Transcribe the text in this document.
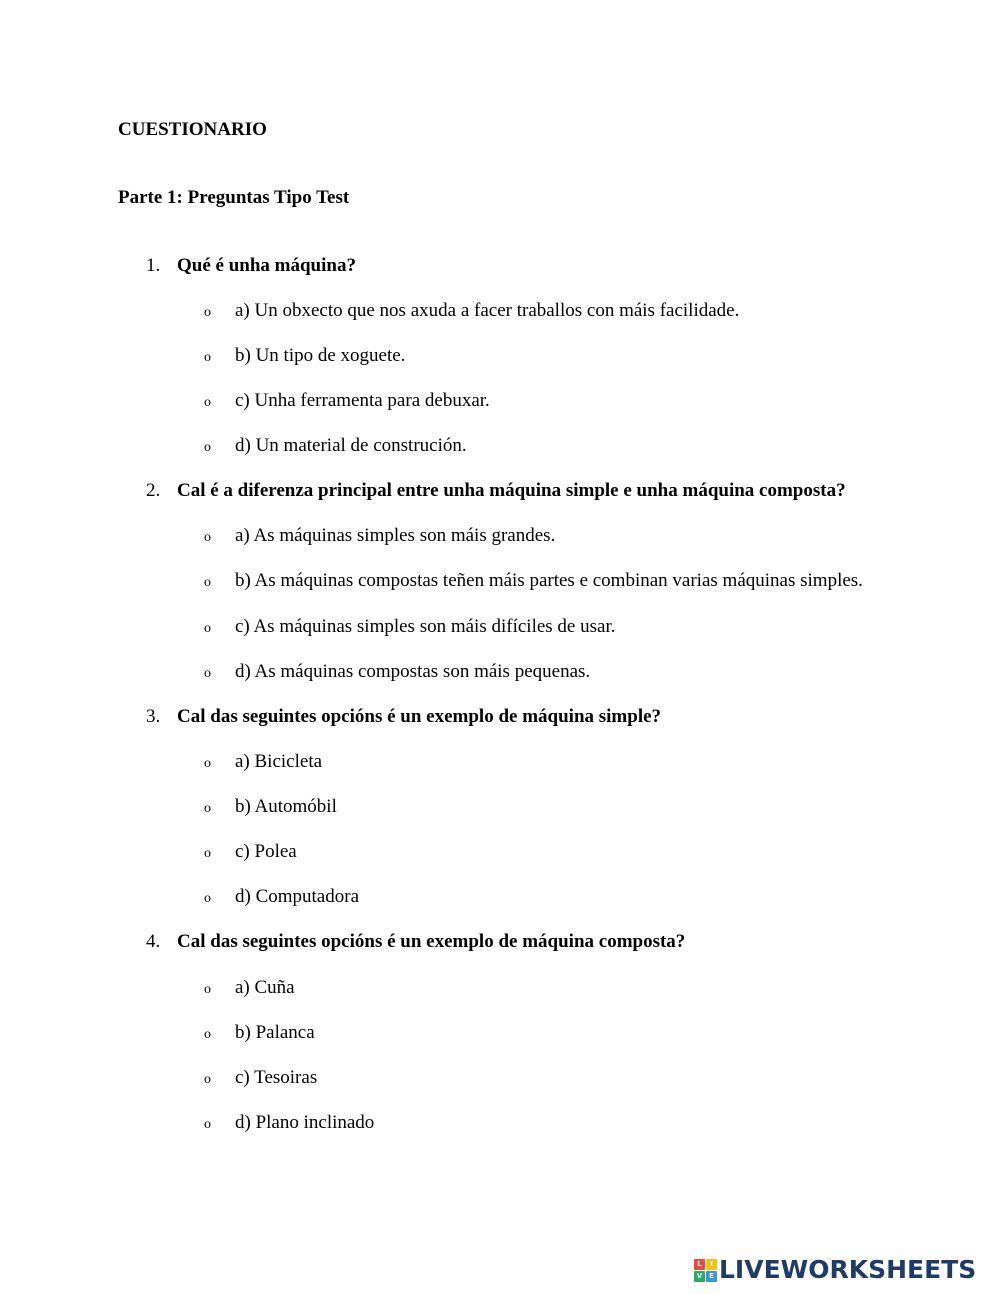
CUESTIONARIO
Parte 1: Preguntas Tipo Test
1. Qué é unha máquina?
o a) Un obxecto que nos axuda a facer traballos con máis facilidade.
o b) Un tipo de xoguete.
o c) Unha ferramenta para debuxar.
o d) Un material de construción.
2. Cal é a diferenza principal entre unha máquina simple e unha máquina composta?
o a) As máquinas simples son máis grandes.
o b) As máquinas compostas teñen máis partes e combinan varias máquinas simples.
o c) As máquinas simples son máis difíciles de usar.
o d) As máquinas compostas son máis pequenas.
3. Cal das seguintes opcións é un exemplo de máquina simple?
o a) Bicicleta
o b) Automóbil
o c) Polea
o d) Computadora
4. Cal das seguintes opcións é un exemplo de máquina composta?
o a) Cuña
o b) Palanca
o c) Tesoiras
o d) Plano inclinado
L	I
V E LIVEWORKSHEETS
